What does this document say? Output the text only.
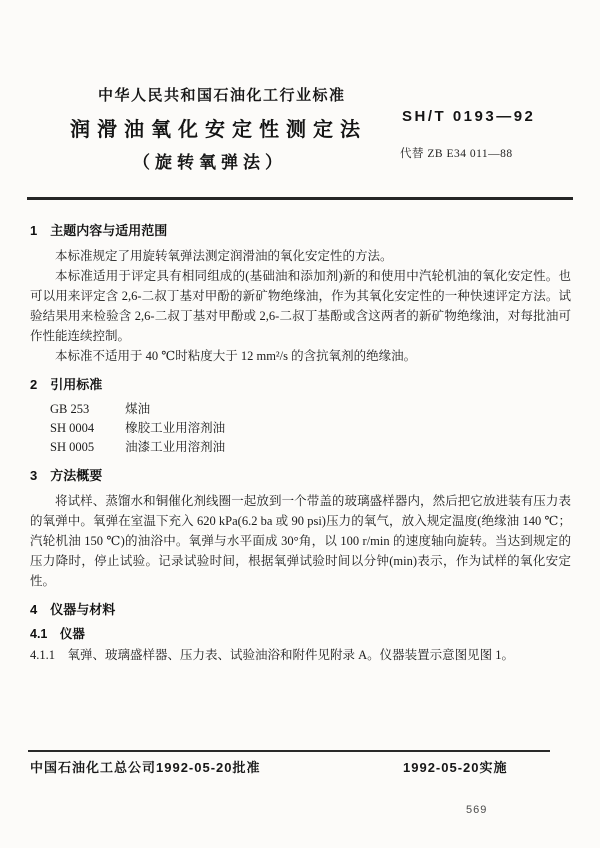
中华人民共和国石油化工行业标准
润滑油氧化安定性测定法
（旋转氧弹法）
SH/T 0193—92
代替 ZB E34 011—88
1　主题内容与适用范围

本标准规定了用旋转氧弹法测定润滑油的氧化安定性的方法。

本标准适用于评定具有相同组成的(基础油和添加剂)新的和使用中汽轮机油的氧化安定性。也可以用来评定含 2,6-二叔丁基对甲酚的新矿物绝缘油，作为其氧化安定性的一种快速评定方法。试验结果用来检验含 2,6-二叔丁基对甲酚或 2,6-二叔丁基酚或含这两者的新矿物绝缘油，对每批油可作性能连续控制。

本标准不适用于 40 ℃时粘度大于 12 mm²/s 的含抗氧剂的绝缘油。

2　引用标准
GB 253	煤油
SH 0004 橡胶工业用溶剂油
SH 0005 油漆工业用溶剂油
3　方法概要

将试样、蒸馏水和铜催化剂线圈一起放到一个带盖的玻璃盛样器内，然后把它放进装有压力表的氧弹中。氧弹在室温下充入 620 kPa(6.2 ba 或 90 psi)压力的氧气，放入规定温度(绝缘油 140 ℃；汽轮机油 150 ℃)的油浴中。氧弹与水平面成 30°角，以 100 r/min 的速度轴向旋转。当达到规定的压力降时，停止试验。记录试验时间，根据氧弹试验时间以分钟(min)表示，作为试样的氧化安定性。

4　仪器与材料
4.1　仪器

4.1.1　氧弹、玻璃盛样器、压力表、试验油浴和附件见附录 A。仪器装置示意图见图 1。

中国石油化工总公司1992-05-20批准	1992-05-20实施
569
